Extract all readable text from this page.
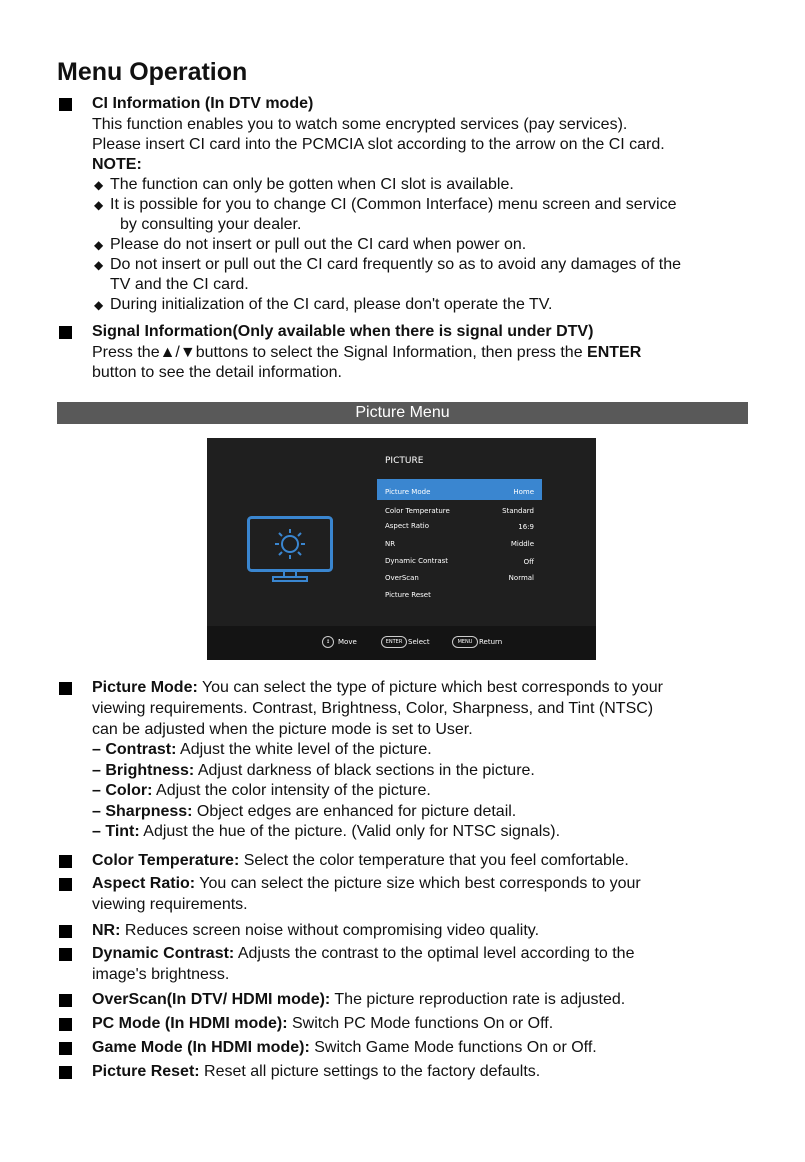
Menu Operation
CI Information (In DTV mode)
This function enables you to watch some encrypted services (pay services).
Please insert CI card into the PCMCIA slot according to the arrow on the CI card.
NOTE:
◆ The function can only be gotten when CI slot is available.
◆ It is possible for you to change CI (Common Interface) menu screen and service
by consulting your dealer.
◆ Please do not insert or pull out the CI card when power on.
◆ Do not insert or pull out the CI card frequently so as to avoid any damages of the
TV and the CI card.
◆ During initialization of the CI card, please don't operate the TV.
Signal Information(Only available when there is signal under DTV)
Press the▲/▼buttons to select the Signal Information, then press the ENTER
button to see the detail information.
Picture Menu
PICTURE
Picture Mode	Home
Color Temperature	Standard
Aspect Ratio	16:9
NR	Middle
Dynamic Contrast	Off
OverScan	Normal
Picture Reset
↕	Move	ENTER Select	MENU Return
Picture Mode: You can select the type of picture which best corresponds to your
viewing requirements. Contrast, Brightness, Color, Sharpness, and Tint (NTSC)
can be adjusted when the picture mode is set to User.
– Contrast: Adjust the white level of the picture.
– Brightness: Adjust darkness of black sections in the picture.
– Color: Adjust the color intensity of the picture.
– Sharpness: Object edges are enhanced for picture detail.
– Tint: Adjust the hue of the picture. (Valid only for NTSC signals).
Color Temperature: Select the color temperature that you feel comfortable.
Aspect Ratio: You can select the picture size which best corresponds to your
viewing requirements.
NR: Reduces screen noise without compromising video quality.
Dynamic Contrast: Adjusts the contrast to the optimal level according to the
image's brightness.
OverScan(In DTV/ HDMI mode): The picture reproduction rate is adjusted.
PC Mode (In HDMI mode): Switch PC Mode functions On or Off.
Game Mode (In HDMI mode): Switch Game Mode functions On or Off.
Picture Reset: Reset all picture settings to the factory defaults.
